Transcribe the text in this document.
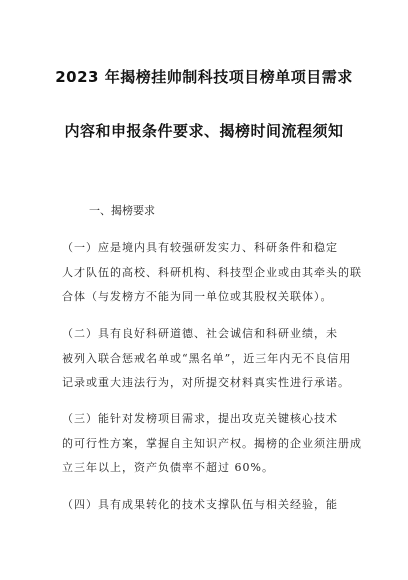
2023 年揭榜挂帅制科技项目榜单项目需求
内容和申报条件要求、揭榜时间流程须知
一、揭榜要求
（一）应是境内具有较强研发实力、科研条件和稳定
人才队伍的高校、科研机构、科技型企业或由其牵头的联
合体（与发榜方不能为同一单位或其股权关联体）。
（二）具有良好科研道德、社会诚信和科研业绩，未
被列入联合惩戒名单或“黑名单”，近三年内无不良信用
记录或重大违法行为，对所提交材料真实性进行承诺。
（三）能针对发榜项目需求，提出攻克关键核心技术
的可行性方案，掌握自主知识产权。揭榜的企业须注册成
立三年以上，资产负债率不超过 60%。
（四）具有成果转化的技术支撑队伍与相关经验，能
